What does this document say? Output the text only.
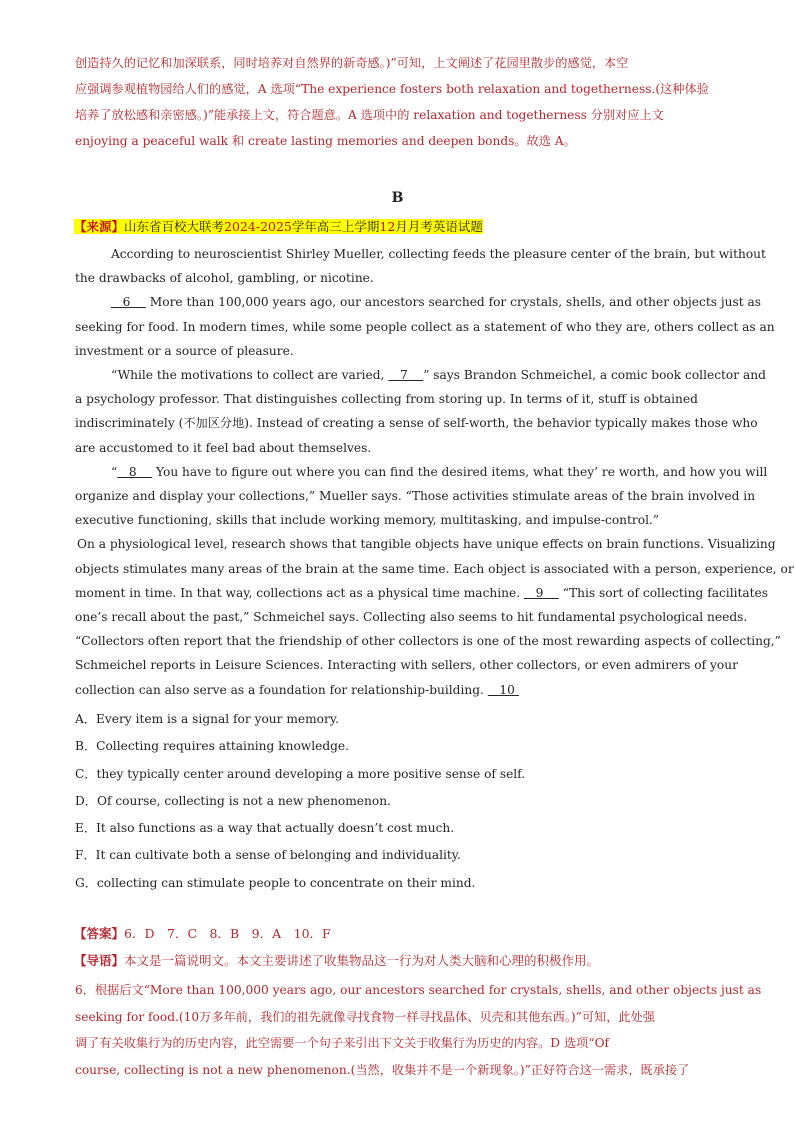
创造持久的记忆和加深联系，同时培养对自然界的新奇感。)”可知，上文阐述了花园里散步的感觉，本空
应强调参观植物园给人们的感觉，A 选项“The experience fosters both relaxation and togetherness.(这种体验
培养了放松感和亲密感。)”能承接上文，符合题意。A 选项中的 relaxation and togetherness 分别对应上文
enjoying a peaceful walk 和 create lasting memories and deepen bonds。故选 A。
B
【来源】山东省百校大联考2024-2025学年高三上学期12月月考英语试题
According to neuroscientist Shirley Mueller, collecting feeds the pleasure center of the brain, but without
the drawbacks of alcohol, gambling, or nicotine.
6 More than 100,000 years ago, our ancestors searched for crystals, shells, and other objects just as
seeking for food. In modern times, while some people collect as a statement of who they are, others collect as an
investment or a source of pleasure.
“While the motivations to collect are varied, 7 ” says Brandon Schmeichel, a comic book collector and
a psychology professor. That distinguishes collecting from storing up. In terms of it, stuff is obtained
indiscriminately (不加区分地). Instead of creating a sense of self-worth, the behavior typically makes those who
are accustomed to it feel bad about themselves.
“ 8 You have to figure out where you can find the desired items, what they’ re worth, and how you will
organize and display your collections,” Mueller says. “Those activities stimulate areas of the brain involved in
executive functioning, skills that include working memory, multitasking, and impulse-control.”
On a physiological level, research shows that tangible objects have unique effects on brain functions. Visualizing
objects stimulates many areas of the brain at the same time. Each object is associated with a person, experience, or
moment in time. In that way, collections act as a physical time machine. 9 “This sort of collecting facilitates
one’s recall about the past,” Schmeichel says. Collecting also seems to hit fundamental psychological needs.
“Collectors often report that the friendship of other collectors is one of the most rewarding aspects of collecting,”
Schmeichel reports in Leisure Sciences. Interacting with sellers, other collectors, or even admirers of your
collection can also serve as a foundation for relationship-building. 10
A．Every item is a signal for your memory.
B．Collecting requires attaining knowledge.
C．they typically center around developing a more positive sense of self.
D．Of course, collecting is not a new phenomenon.
E．It also functions as a way that actually doesn’t cost much.
F．It can cultivate both a sense of belonging and individuality.
G．collecting can stimulate people to concentrate on their mind.
【答案】6．D　7．C　8．B　9．A　10．F
【导语】本文是一篇说明文。本文主要讲述了收集物品这一行为对人类大脑和心理的积极作用。
6．根据后文“More than 100,000 years ago, our ancestors searched for crystals, shells, and other objects just as
seeking for food.(10万多年前，我们的祖先就像寻找食物一样寻找晶体、贝壳和其他东西。)”可知，此处强
调了有关收集行为的历史内容，此空需要一个句子来引出下文关于收集行为历史的内容。D 选项“Of
course, collecting is not a new phenomenon.(当然，收集并不是一个新现象。)”正好符合这一需求，既承接了
